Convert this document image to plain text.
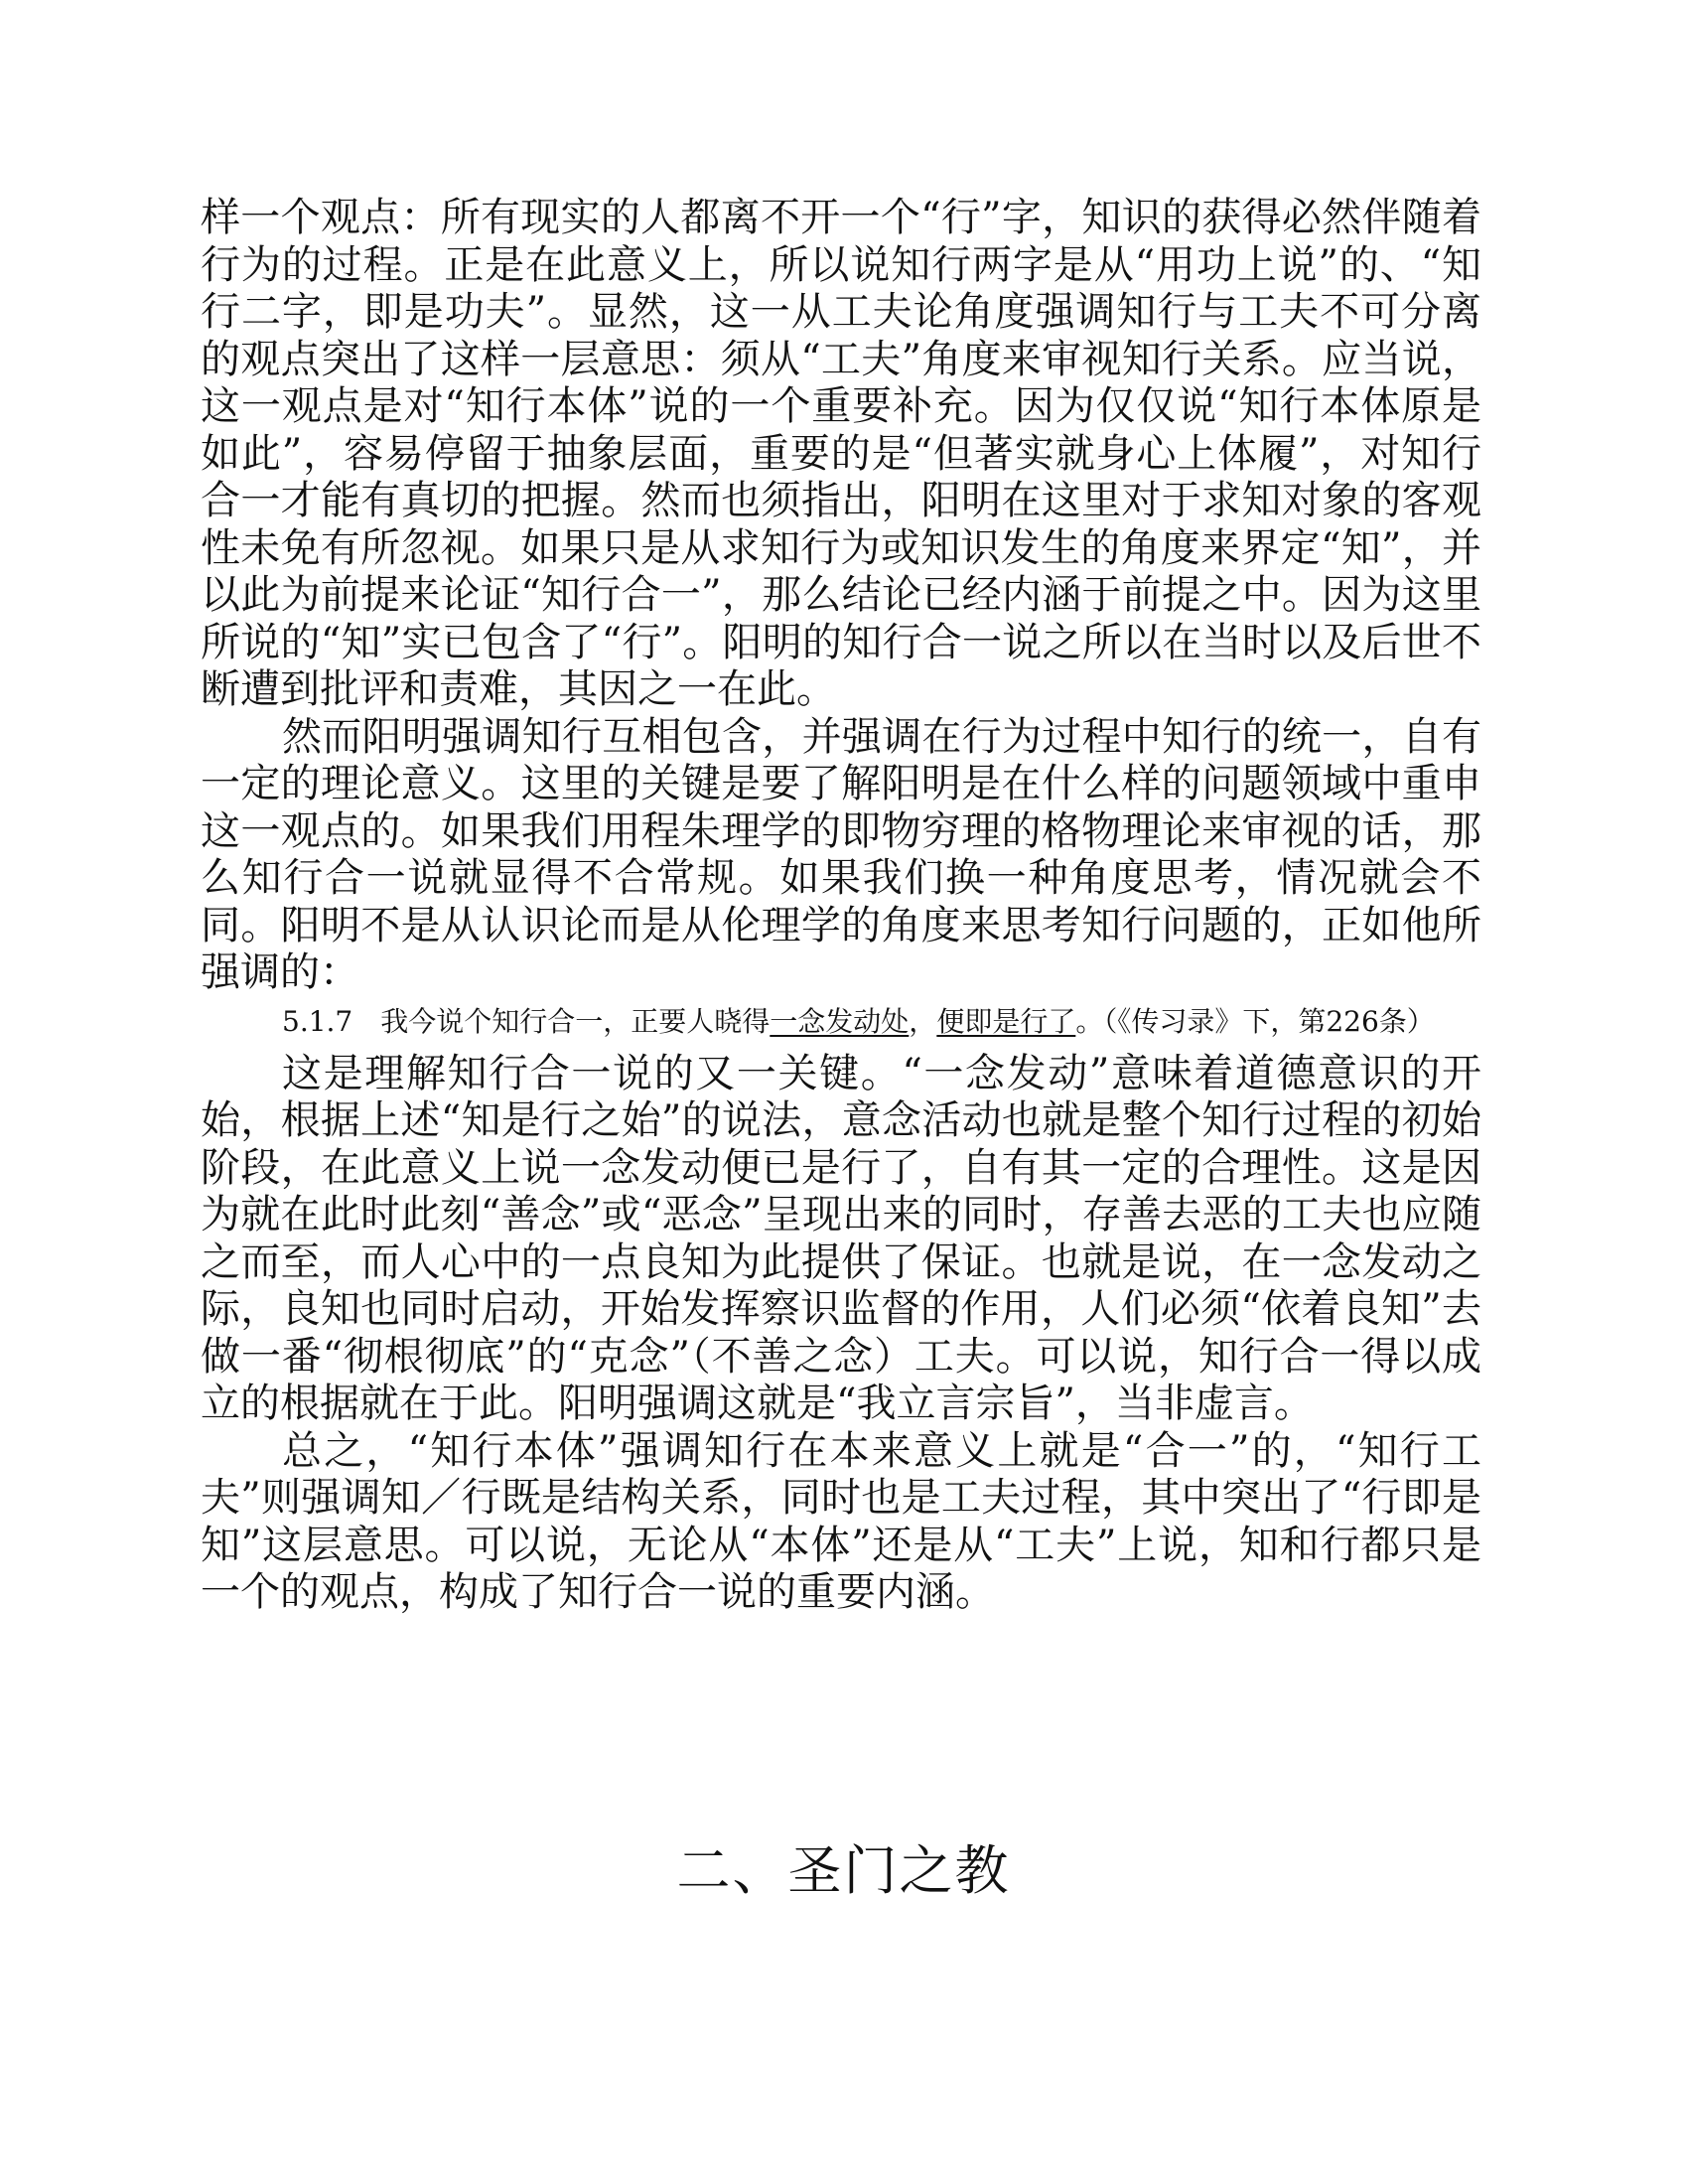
样一个观点：所有现实的人都离不开一个“行”字，知识的获得必然伴随着行为的过程。正是在此意义上，所以说知行两字是从“用功上说”的、“知行二字，即是功夫”。显然，这一从工夫论角度强调知行与工夫不可分离的观点突出了这样一层意思：须从“工夫”角度来审视知行关系。应当说，这一观点是对“知行本体”说的一个重要补充。因为仅仅说“知行本体原是如此”，容易停留于抽象层面，重要的是“但著实就身心上体履”，对知行合一才能有真切的把握。然而也须指出，阳明在这里对于求知对象的客观性未免有所忽视。如果只是从求知行为或知识发生的角度来界定“知”，并以此为前提来论证“知行合一”，那么结论已经内涵于前提之中。因为这里所说的“知”实已包含了“行”。阳明的知行合一说之所以在当时以及后世不断遭到批评和责难，其因之一在此。

然而阳明强调知行互相包含，并强调在行为过程中知行的统一，自有一定的理论意义。这里的关键是要了解阳明是在什么样的问题领域中重申这一观点的。如果我们用程朱理学的即物穷理的格物理论来审视的话，那么知行合一说就显得不合常规。如果我们换一种角度思考，情况就会不同。阳明不是从认识论而是从伦理学的角度来思考知行问题的，正如他所强调的：

5.1.7　 我今说个知行合一，正要人晓得一念发动处，便即是行了。（《传习录》下，第226条）

这是理解知行合一说的又一关键。“一念发动”意味着道德意识的开始，根据上述“知是行之始”的说法，意念活动也就是整个知行过程的初始阶段，在此意义上说一念发动便已是行了，自有其一定的合理性。这是因为就在此时此刻“善念”或“恶念”呈现出来的同时，存善去恶的工夫也应随之而至，而人心中的一点良知为此提供了保证。也就是说，在一念发动之际，良知也同时启动，开始发挥察识监督的作用，人们必须“依着良知”去做一番“彻根彻底”的“克念”（不善之念）工夫。可以说，知行合一得以成立的根据就在于此。阳明强调这就是“我立言宗旨”，当非虚言。

总之，“知行本体”强调知行在本来意义上就是“合一”的，“知行工夫”则强调知／行既是结构关系，同时也是工夫过程，其中突出了“行即是知”这层意思。可以说，无论从“本体”还是从“工夫”上说，知和行都只是一个的观点，构成了知行合一说的重要内涵。

二、圣门之教
